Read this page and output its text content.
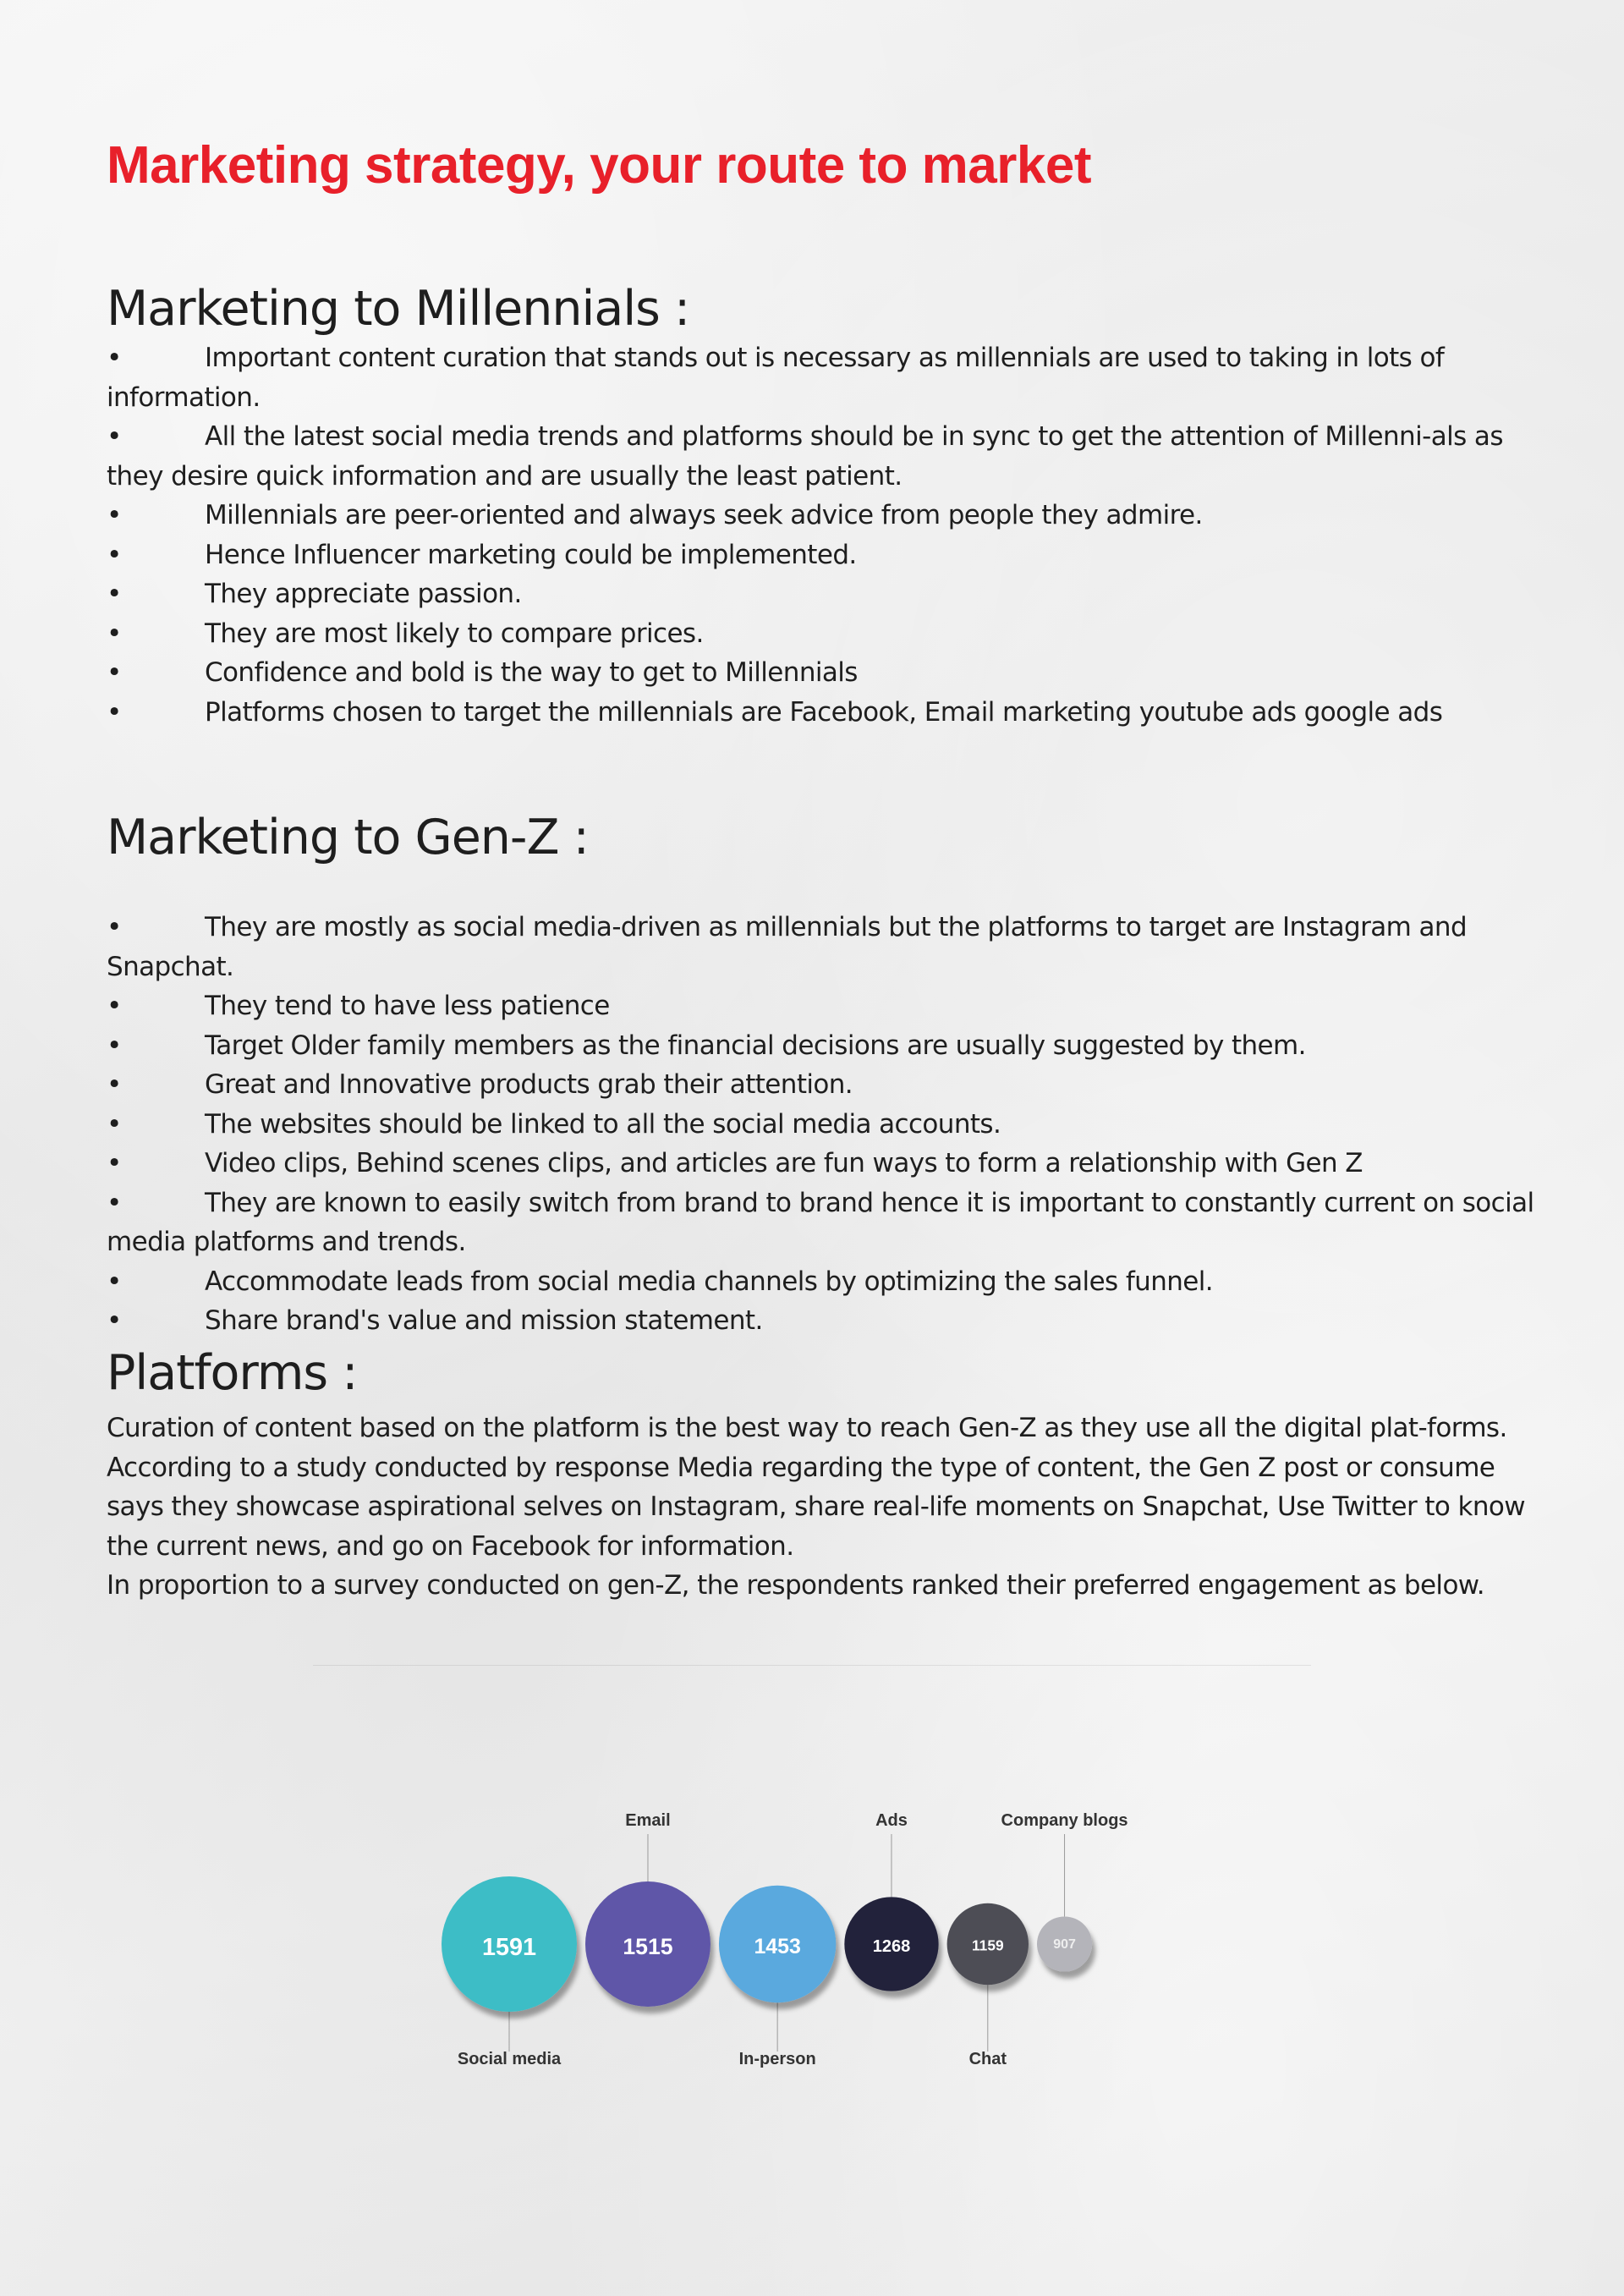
Marketing strategy, your route to market
Marketing to Millennials :
•	Important content curation that stands out is necessary as millennials are used to taking in lots of information.
•	All the latest social media trends and platforms should be in sync to get the attention of Millenni-als as they desire quick information and are usually the least patient.
•	Millennials are peer-oriented and always seek advice from people they admire.
•	Hence Influencer marketing could be implemented.
•	They appreciate passion.
•	They are most likely to compare prices.
•	Confidence and bold is the way to get to Millennials
•	Platforms chosen to target the millennials are Facebook, Email marketing youtube ads google ads
Marketing to Gen-Z :
•	They are mostly as social media-driven as millennials but the platforms to target are Instagram and Snapchat.
•	They tend to have less patience
•	Target Older family members as the financial decisions are usually suggested by them.
•	Great and Innovative products grab their attention.
•	The websites should be linked to all the social media accounts.
•	Video clips, Behind scenes clips, and articles are fun ways to form a relationship with Gen Z
•	They are known to easily switch from brand to brand hence it is important to constantly current on social media platforms and trends.
•	Accommodate leads from social media channels by optimizing the sales funnel.
•	Share brand's value and mission statement.
Platforms :

Curation of content based on the platform is the best way to reach Gen-Z as they use all the digital plat-forms. According to a study conducted by response Media regarding the type of content, the Gen Z post or consume says they showcase aspirational selves on Instagram, share real-life moments on Snapchat, Use Twitter to know the current news, and go on Facebook for information.

In proportion to a survey conducted on gen-Z, the respondents ranked their preferred engagement as below.

1591
Social media
1515
Email
1453
In-person
1268
Ads
1159
Chat
907
Company blogs
